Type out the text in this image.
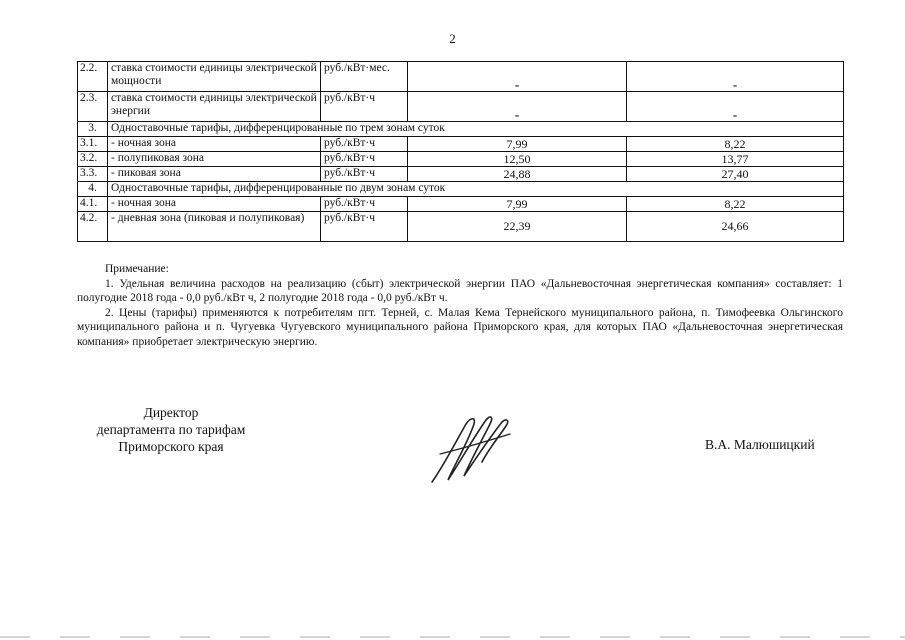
2
2.2.	ставка стоимости единицы электрической мощности	руб./кВт·мес.	-	-
2.3.	ставка стоимости единицы электрической энергии	руб./кВт·ч	-	-
3.	Одноставочные тарифы, дифференцированные по трем зонам суток			
3.1.	- ночная зона	руб./кВт·ч	7,99	8,22
3.2.	- полупиковая зона	руб./кВт·ч	12,50	13,77
3.3.	- пиковая зона	руб./кВт·ч	24,88	27,40
4.	Одноставочные тарифы, дифференцированные по двум зонам суток			
4.1.	- ночная зона	руб./кВт·ч	7,99	8,22
4.2.	- дневная зона (пиковая и полупиковая)	руб./кВт·ч	22,39	24,66

Примечание:

1. Удельная величина расходов на реализацию (сбыт) электрической энергии ПАО «Дальневосточная энергетическая компания» составляет: 1 полугодие 2018 года - 0,0 руб./кВт ч, 2 полугодие 2018 года - 0,0 руб./кВт ч.

2. Цены (тарифы) применяются к потребителям пгт. Терней, с. Малая Кема Тернейского муниципального района, п. Тимофеевка Ольгинского муниципального района и п. Чугуевка Чугуевского муниципального района Приморского края, для которых ПАО «Дальневосточная энергетическая компания» приобретает электрическую энергию.

Директор
департамента по тарифам
Приморского края	В.А. Малюшицкий
